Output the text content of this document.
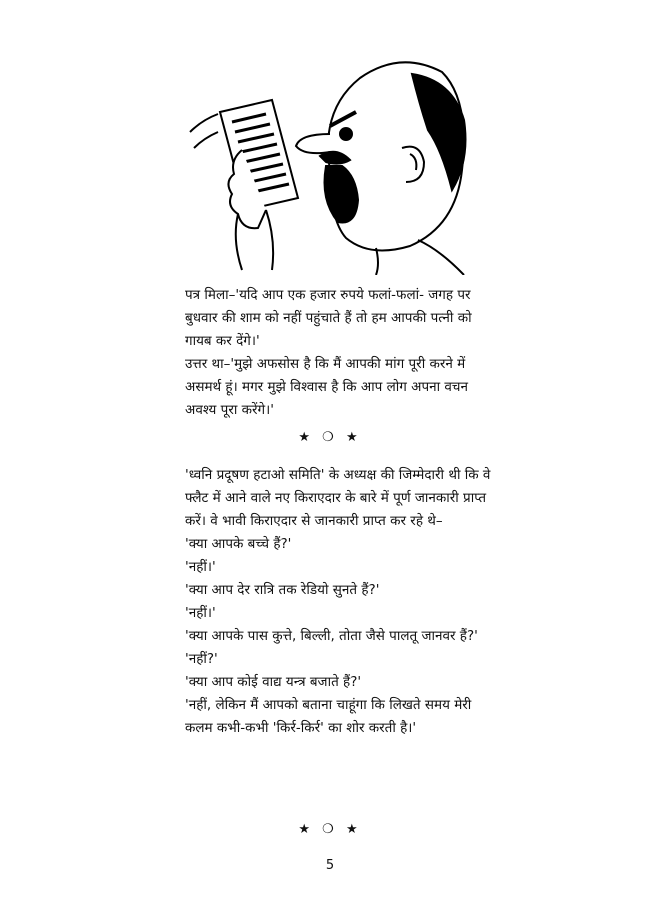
पत्र मिला–'यदि आप एक हजार रुपये फलां-फलां- जगह पर बुधवार की शाम को नहीं पहुंचाते हैं तो हम आपकी पत्नी को गायब कर देंगे।'

उत्तर था–'मुझे अफसोस है कि मैं आपकी मांग पूरी करने में असमर्थ हूं। मगर मुझे विश्वास है कि आप लोग अपना वचन अवश्य पूरा करेंगे।'

★ ❍ ★

'ध्वनि प्रदूषण हटाओ समिति' के अध्यक्ष की जिम्मेदारी थी कि वे फ्लैट में आने वाले नए किराएदार के बारे में पूर्ण जानकारी प्राप्त करें। वे भावी किराएदार से जानकारी प्राप्त कर रहे थे–

'क्या आपके बच्चे हैं?'

'नहीं।'

'क्या आप देर रात्रि तक रेडियो सुनते हैं?'

'नहीं।'

'क्या आपके पास कुत्ते, बिल्ली, तोता जैसे पालतू जानवर हैं?'

'नहीं?'

'क्या आप कोई वाद्य यन्त्र बजाते हैं?'

'नहीं, लेकिन मैं आपको बताना चाहूंगा कि लिखते समय मेरी कलम कभी-कभी 'किर्र-किर्र' का शोर करती है।'

★ ❍ ★
5
